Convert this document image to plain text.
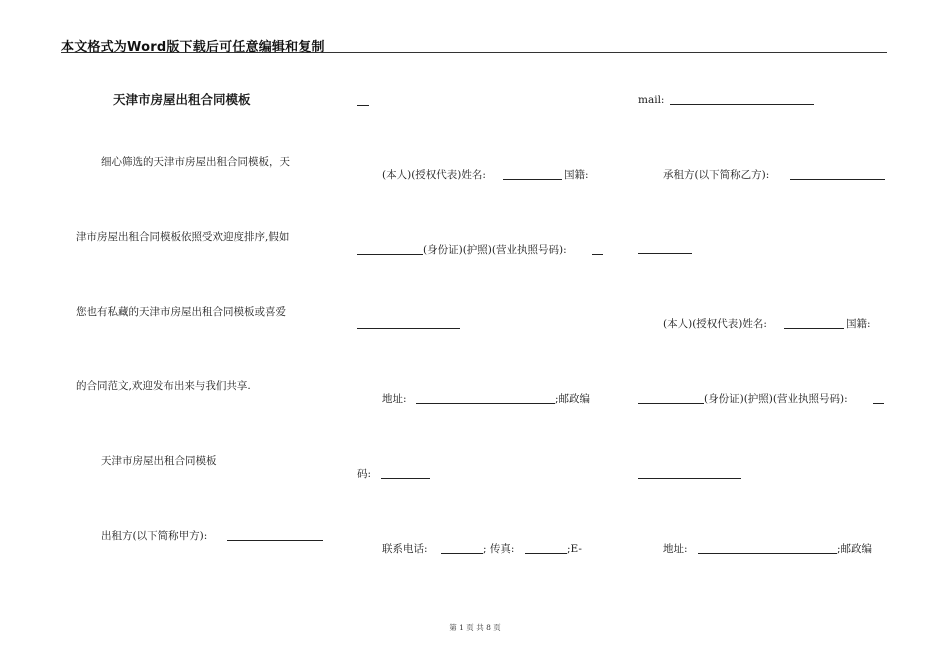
本文格式为Word版下载后可任意编辑和复制
天津市房屋出租合同模板
细心筛选的天津市房屋出租合同模板，天
津市房屋出租合同模板依照受欢迎度排序,假如
您也有私藏的天津市房屋出租合同模板或喜爱
的合同范文,欢迎发布出来与我们共享.
天津市房屋出租合同模板
出租方(以下简称甲方):
(本人)(授权代表)姓名:	国籍:
(身份证)(护照)(营业执照号码):
地址:	;邮政编
码:
联系电话:	; 传真:	;E-
mail:
承租方(以下简称乙方):
(本人)(授权代表)姓名:	国籍:
(身份证)(护照)(营业执照号码):
地址:	;邮政编
第 1 页 共 8 页
